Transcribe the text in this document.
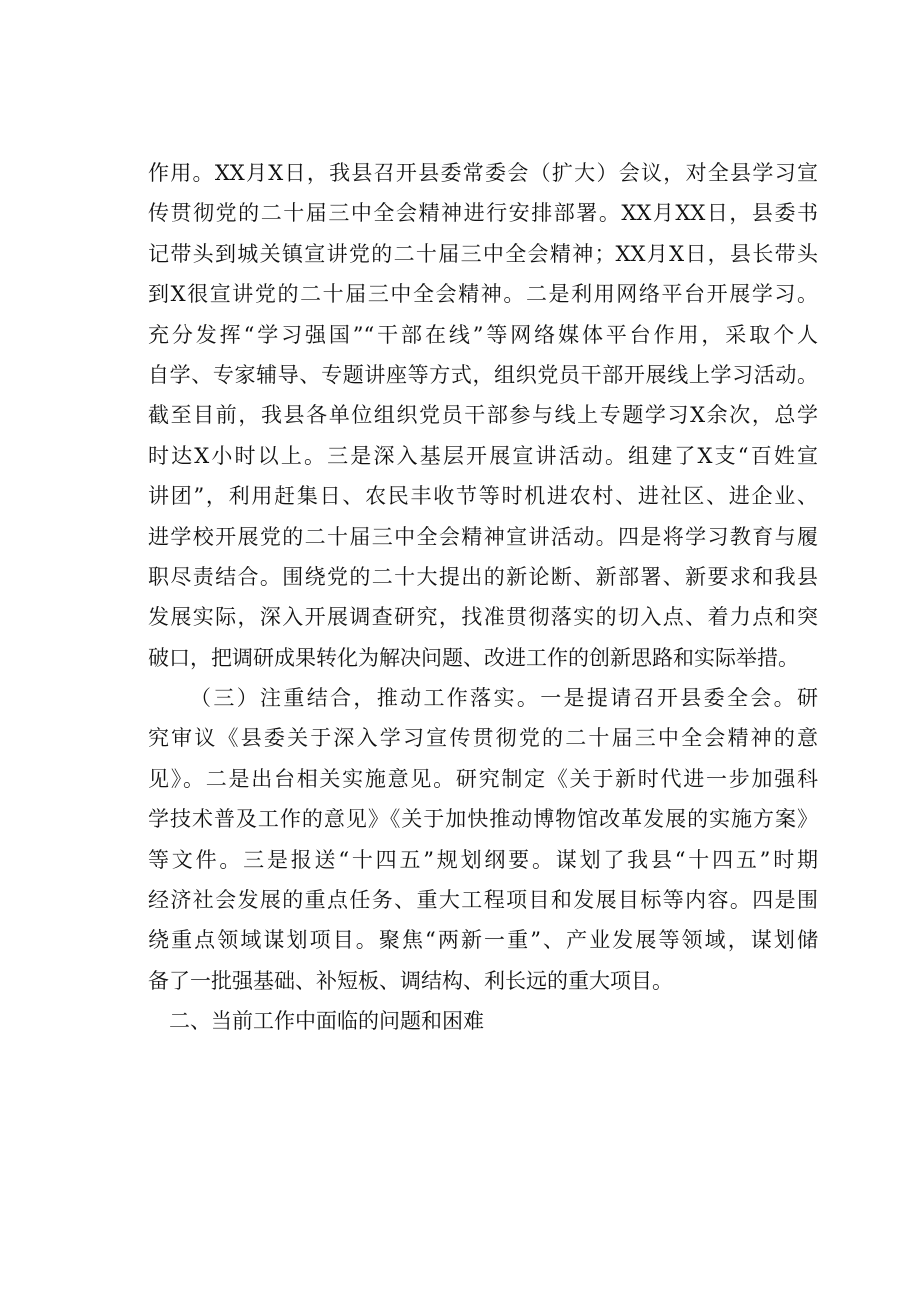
作用。XX月X日，我县召开县委常委会（扩大）会议，对全县学习宣
传贯彻党的二十届三中全会精神进行安排部署。XX月XX日，县委书
记带头到城关镇宣讲党的二十届三中全会精神；XX月X日，县长带头
到X很宣讲党的二十届三中全会精神。二是利用网络平台开展学习。
充分发挥“学习强国”“干部在线”等网络媒体平台作用，采取个人
自学、专家辅导、专题讲座等方式，组织党员干部开展线上学习活动。
截至目前，我县各单位组织党员干部参与线上专题学习X余次，总学
时达X小时以上。三是深入基层开展宣讲活动。组建了X支“百姓宣
讲团”，利用赶集日、农民丰收节等时机进农村、进社区、进企业、
进学校开展党的二十届三中全会精神宣讲活动。四是将学习教育与履
职尽责结合。围绕党的二十大提出的新论断、新部署、新要求和我县
发展实际，深入开展调查研究，找准贯彻落实的切入点、着力点和突
破口，把调研成果转化为解决问题、改进工作的创新思路和实际举措。
（三）注重结合，推动工作落实。一是提请召开县委全会。研
究审议《县委关于深入学习宣传贯彻党的二十届三中全会精神的意
见》。二是出台相关实施意见。研究制定《关于新时代进一步加强科
学技术普及工作的意见》《关于加快推动博物馆改革发展的实施方案》
等文件。三是报送“十四五”规划纲要。谋划了我县“十四五”时期
经济社会发展的重点任务、重大工程项目和发展目标等内容。四是围
绕重点领域谋划项目。聚焦“两新一重”、产业发展等领域，谋划储
备了一批强基础、补短板、调结构、利长远的重大项目。
二、当前工作中面临的问题和困难
